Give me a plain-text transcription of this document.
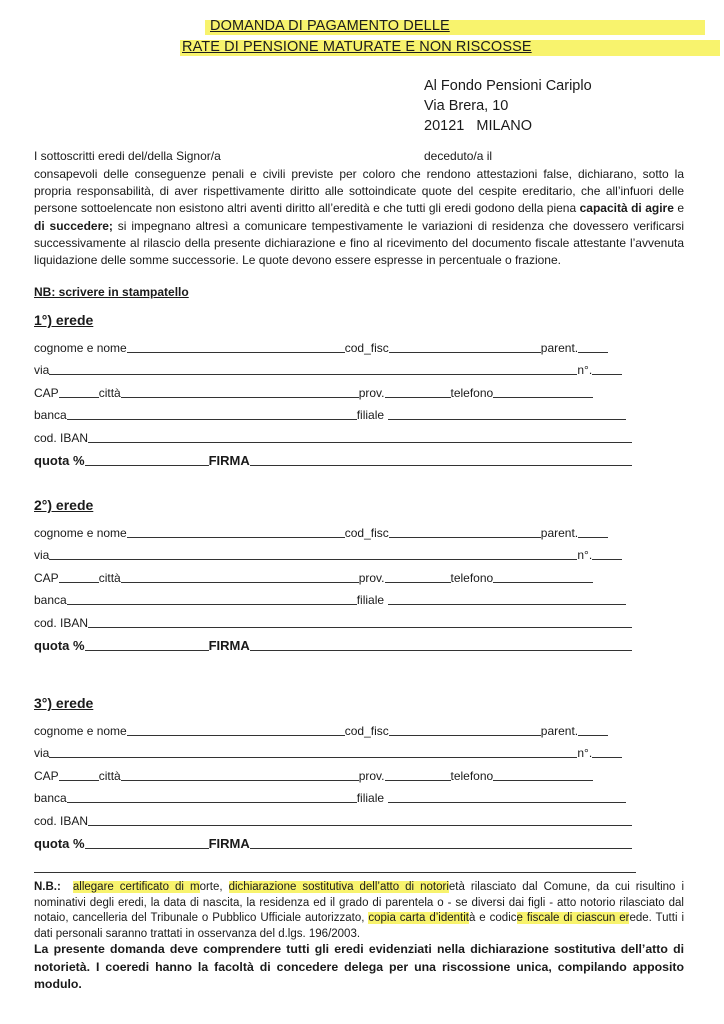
DOMANDA DI PAGAMENTO DELLE
RATE DI PENSIONE MATURATE E NON RISCOSSE
Al Fondo Pensioni Cariplo
Via Brera, 10
20121   MILANO
I sottoscritti eredi del/della Signor/a	deceduto/a il
consapevoli delle conseguenze penali e civili previste per coloro che rendono attestazioni false, dichiarano, sotto la propria responsabilità, di aver rispettivamente diritto alle sottoindicate quote del cespite ereditario, che all’infuori delle persone sottoelencate non esistono altri aventi diritto all’eredità e che tutti gli eredi godono della piena capacità di agire e di succedere; si impegnano altresì a comunicare tempestivamente le variazioni di residenza che dovessero verificarsi successivamente al rilascio della presente dichiarazione e fino al ricevimento del documento fiscale attestante l’avvenuta liquidazione delle somme successorie. Le quote devono essere espresse in percentuale o frazione.
NB: scrivere in stampatello
1°) erede
cognome e nome	cod_fisc	parent.
via	n°.
CAP	città	prov.	telefono
banca	filiale
cod. IBAN
quota %	FIRMA
2°) erede
cognome e nome	cod_fisc	parent.
via	n°.
CAP	città	prov.	telefono
banca	filiale
cod. IBAN
quota %	FIRMA
3°) erede
cognome e nome	cod_fisc	parent.
via	n°.
CAP	città	prov.	telefono
banca	filiale
cod. IBAN
quota %	FIRMA
N.B.: allegare certificato di morte, dichiarazione sostitutiva dell’atto di notorietà rilasciato dal Comune, da cui risultino i nominativi degli eredi, la data di nascita, la residenza ed il grado di parentela o - se diversi dai figli - atto notorio rilasciato dal notaio, cancelleria del Tribunale o Pubblico Ufficiale autorizzato, copia carta d’identità e codice fiscale di ciascun erede. Tutti i dati personali saranno trattati in osservanza del d.lgs. 196/2003.
La presente domanda deve comprendere tutti gli eredi evidenziati nella dichiarazione sostitutiva dell’atto di notorietà. I coeredi hanno la facoltà di concedere delega per una riscossione unica, compilando apposito modulo.
